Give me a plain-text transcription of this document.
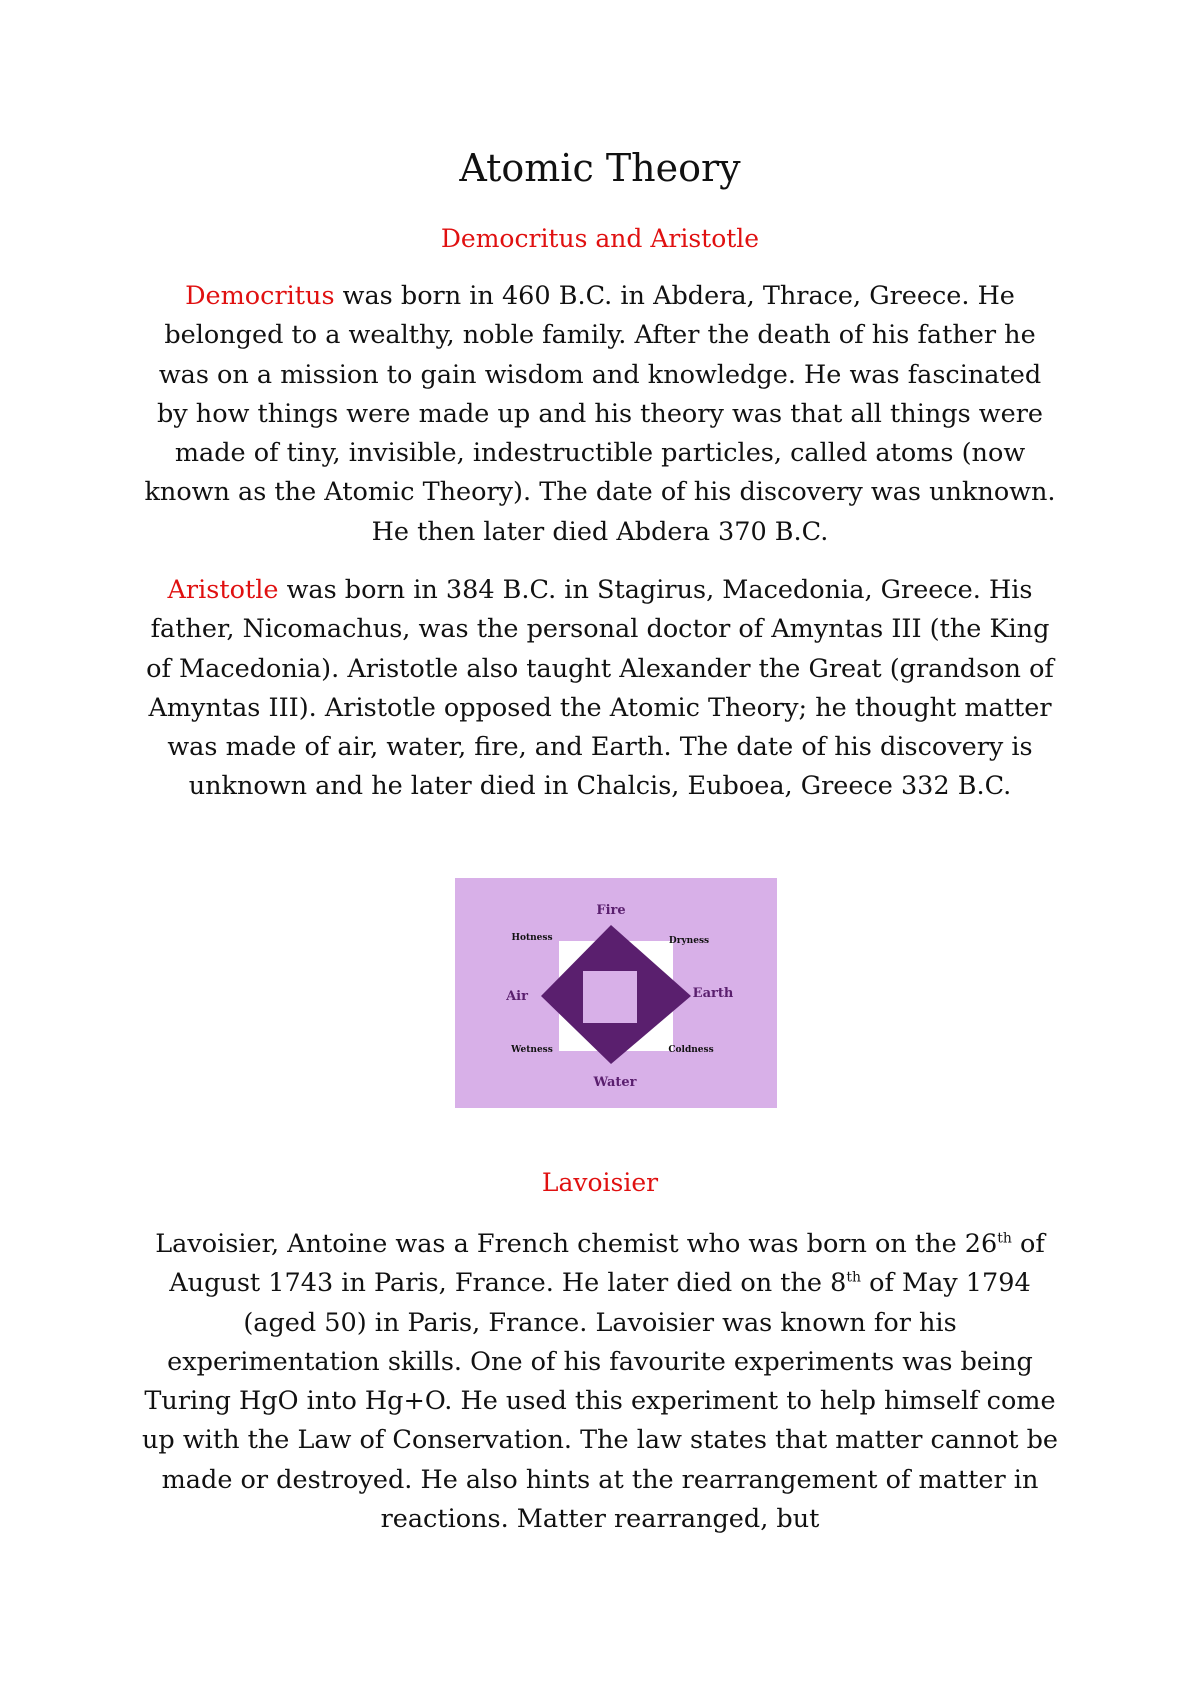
Atomic Theory
Democritus and Aristotle

Democritus was born in 460 B.C. in Abdera, Thrace, Greece. He belonged to a wealthy, noble family. After the death of his father he was on a mission to gain wisdom and knowledge. He was fascinated by how things were made up and his theory was that all things were made of tiny, invisible, indestructible particles, called atoms (now known as the Atomic Theory). The date of his discovery was unknown. He then later died Abdera 370 B.C.

Aristotle was born in 384 B.C. in Stagirus, Macedonia, Greece. His father, Nicomachus, was the personal doctor of Amyntas III (the King of Macedonia). Aristotle also taught Alexander the Great (grandson of Amyntas III). Aristotle opposed the Atomic Theory; he thought matter was made of air, water, fire, and Earth. The date of his discovery is unknown and he later died in Chalcis, Euboea, Greece 332 B.C.

Fire
Water
Air	Earth
Hotness	Dryness
Wetness	Coldness
Lavoisier

Lavoisier, Antoine was a French chemist who was born on the 26th of August 1743 in Paris, France. He later died on the 8th of May 1794 (aged 50) in Paris, France. Lavoisier was known for his experimentation skills. One of his favourite experiments was being Turing HgO into Hg+O. He used this experiment to help himself come up with the Law of Conservation. The law states that matter cannot be made or destroyed. He also hints at the rearrangement of matter in reactions. Matter rearranged, but
